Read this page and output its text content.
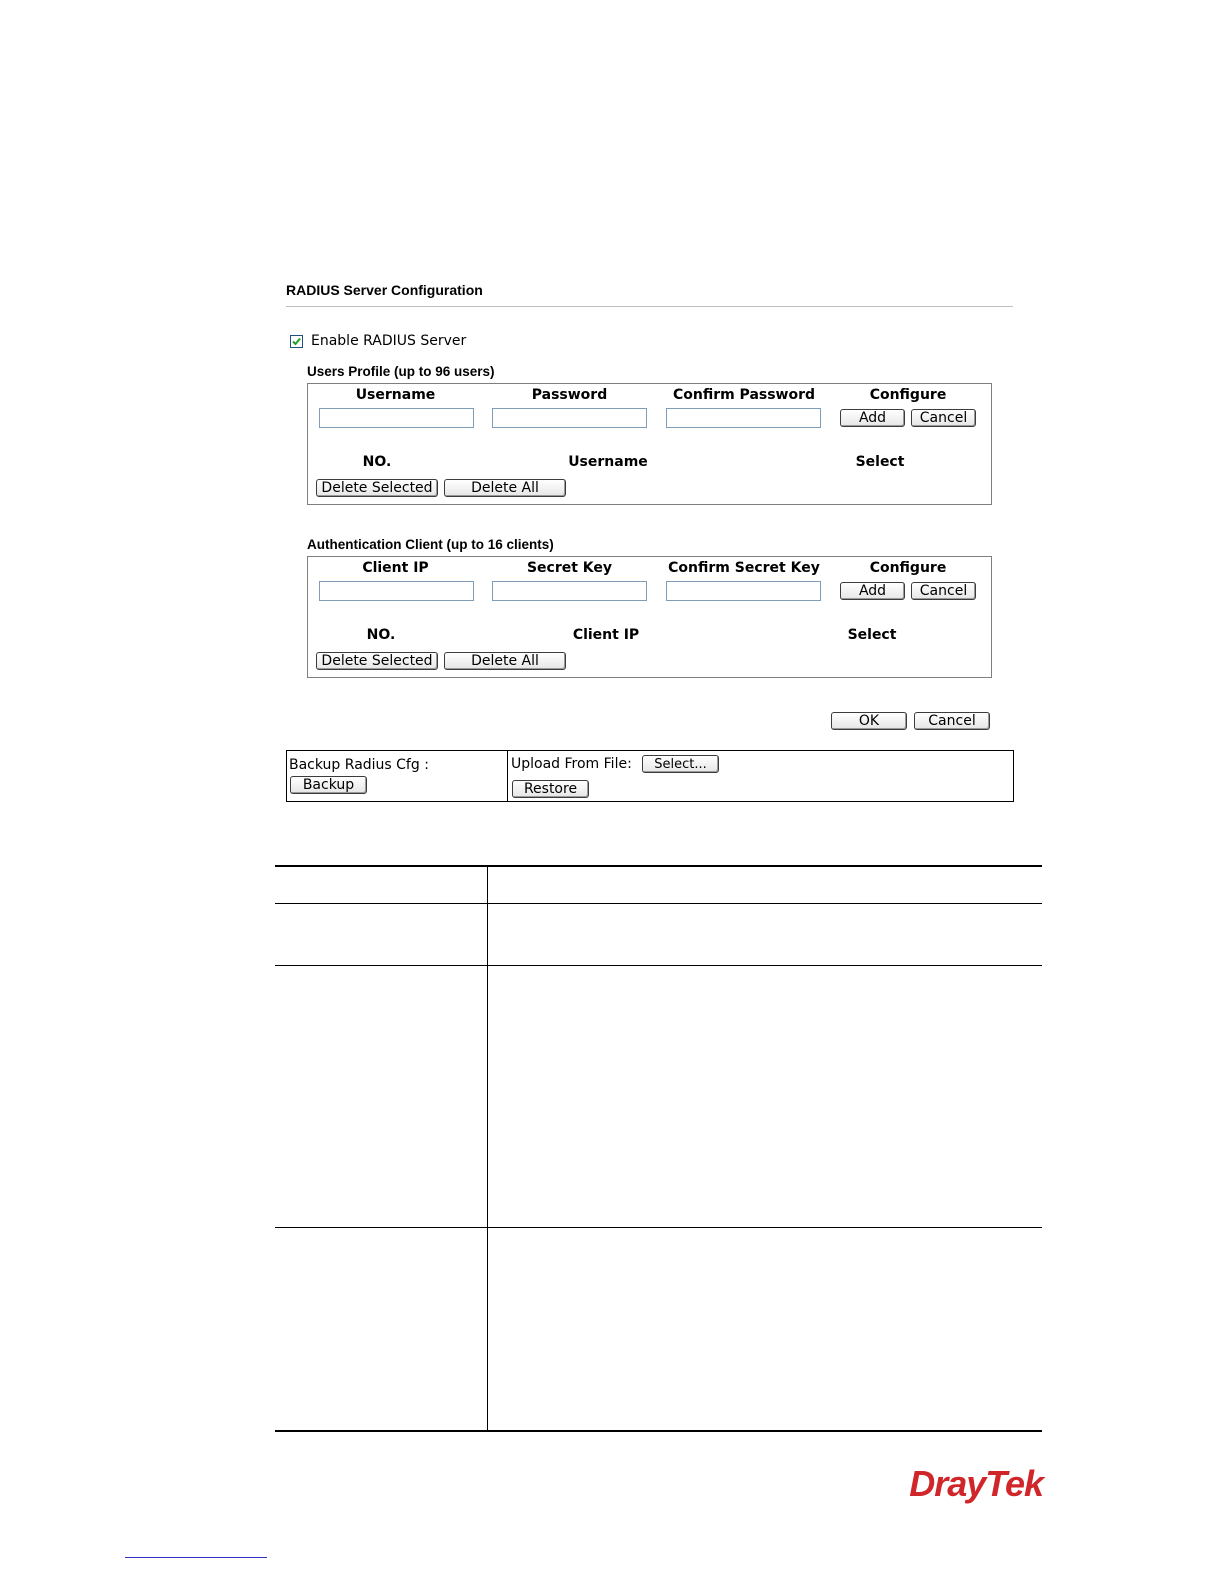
RADIUS Server Configuration
Enable RADIUS Server
Users Profile (up to 96 users)
Username	Password	Confirm Password	Configure
Add	Cancel
NO.	Username	Select
Delete Selected	Delete All
Authentication Client (up to 16 clients)
Client IP	Secret Key	Confirm Secret Key	Configure
Add	Cancel
NO.	Client IP	Select
Delete Selected	Delete All
OK	Cancel
Backup Radius Cfg :
Backup
Upload From File:	Select...
Restore
DrayTek
